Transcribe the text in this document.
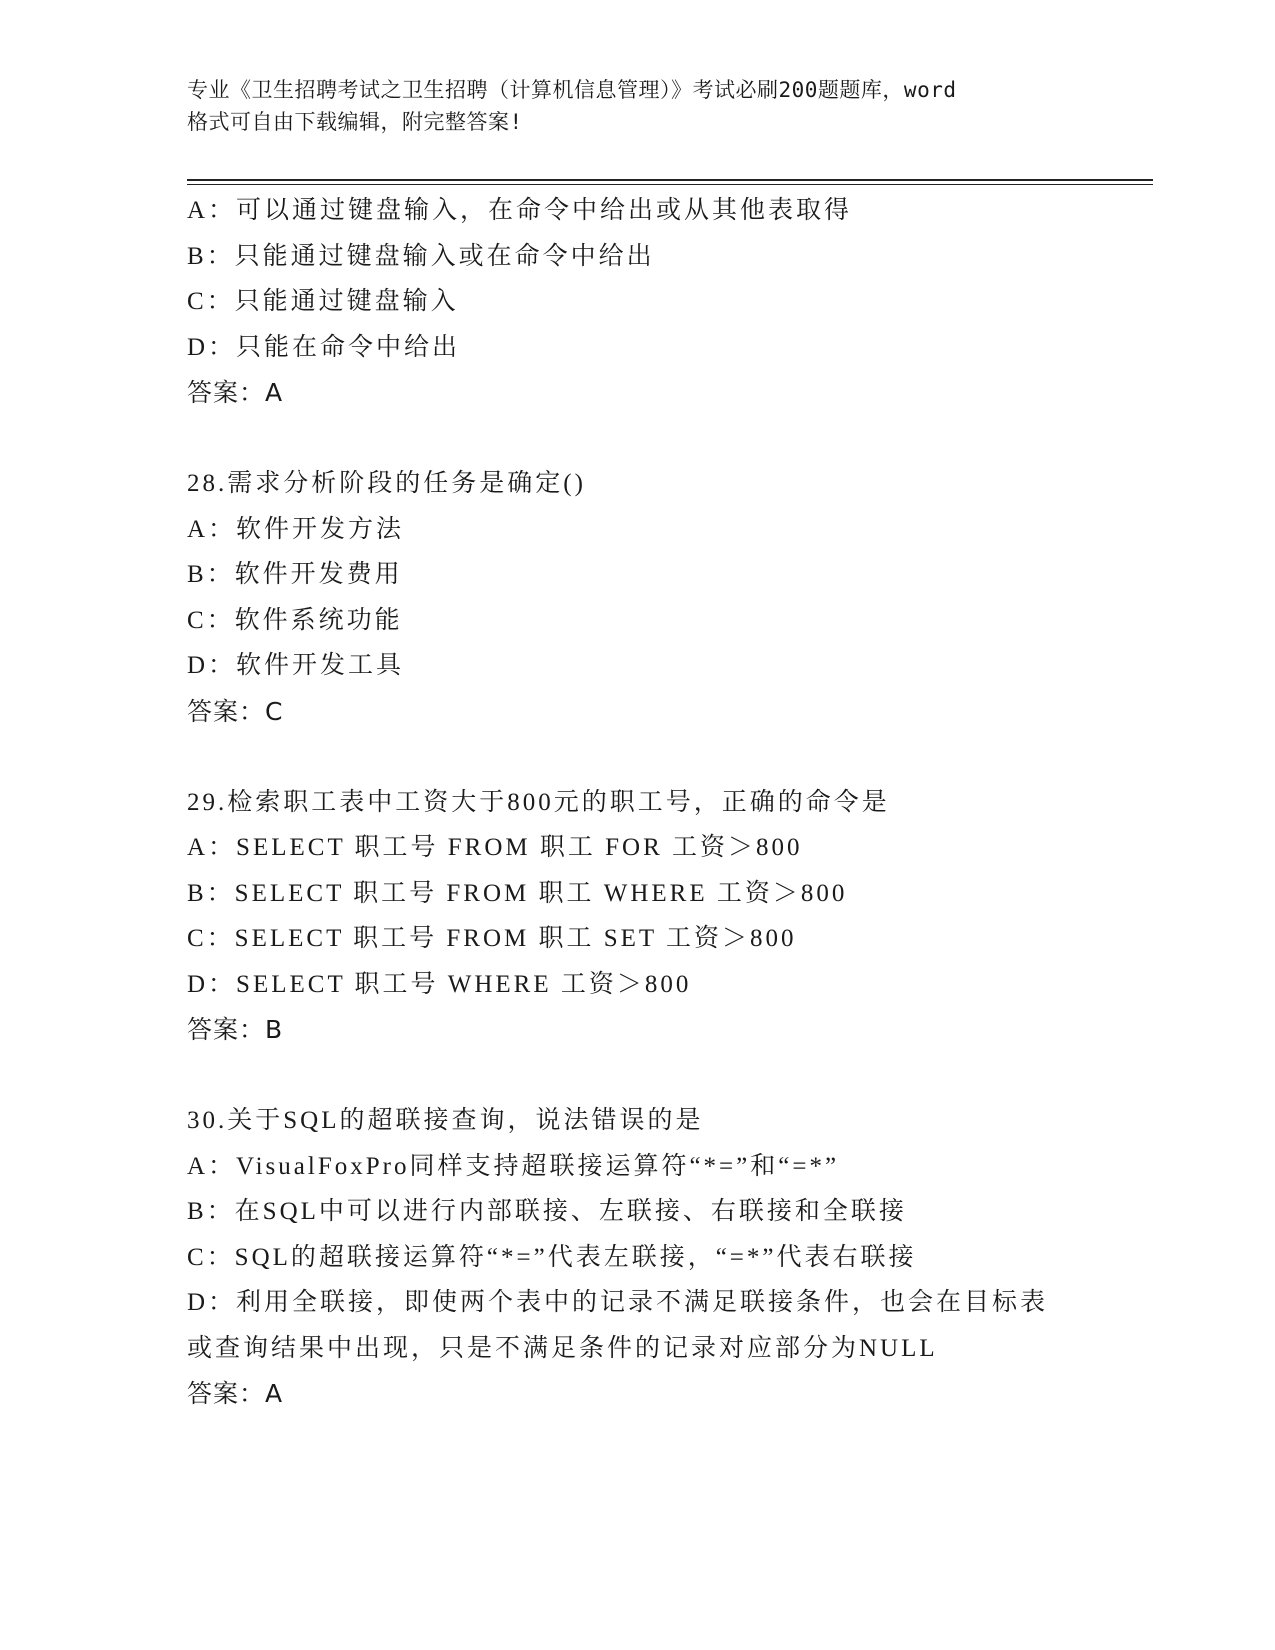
专业《卫生招聘考试之卫生招聘（计算机信息管理）》考试必刷200题题库，word
格式可自由下载编辑，附完整答案!
A：可以通过键盘输入，在命令中给出或从其他表取得
B：只能通过键盘输入或在命令中给出
C：只能通过键盘输入
D：只能在命令中给出
答案：A
28.需求分析阶段的任务是确定()
A：软件开发方法
B：软件开发费用
C：软件系统功能
D：软件开发工具
答案：C
29.检索职工表中工资大于800元的职工号，正确的命令是
A：SELECT 职工号 FROM 职工 FOR 工资＞800
B：SELECT 职工号 FROM 职工 WHERE 工资＞800
C：SELECT 职工号 FROM 职工 SET 工资＞800
D：SELECT 职工号 WHERE 工资＞800
答案：B
30.关于SQL的超联接查询，说法错误的是
A：VisualFoxPro同样支持超联接运算符“*=”和“=*”
B：在SQL中可以进行内部联接、左联接、右联接和全联接
C：SQL的超联接运算符“*=”代表左联接，“=*”代表右联接
D：利用全联接，即使两个表中的记录不满足联接条件，也会在目标表
或查询结果中出现，只是不满足条件的记录对应部分为NULL
答案：A
